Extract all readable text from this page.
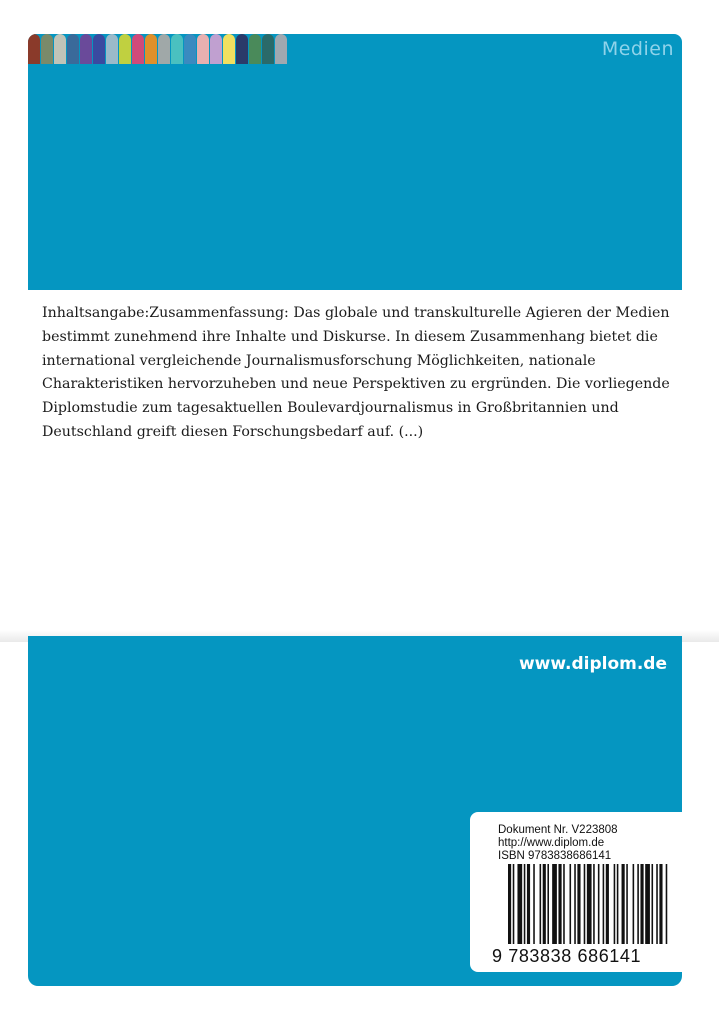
Medien

Inhaltsangabe:Zusammenfassung: Das globale und transkulturelle Agieren der Medien bestimmt zunehmend ihre Inhalte und Diskurse. In diesem Zusammenhang bietet die international vergleichende Journalismusforschung Möglichkeiten, nationale Charakteristiken hervorzuheben und neue Perspektiven zu ergründen. Die vorliegende Diplomstudie zum tagesaktuellen Boulevardjournalismus in Großbritannien und Deutschland greift diesen Forschungsbedarf auf. (...)

www.diplom.de
Dokument Nr. V223808
http://www.diplom.de
ISBN 9783838686141
9 783838 686141
